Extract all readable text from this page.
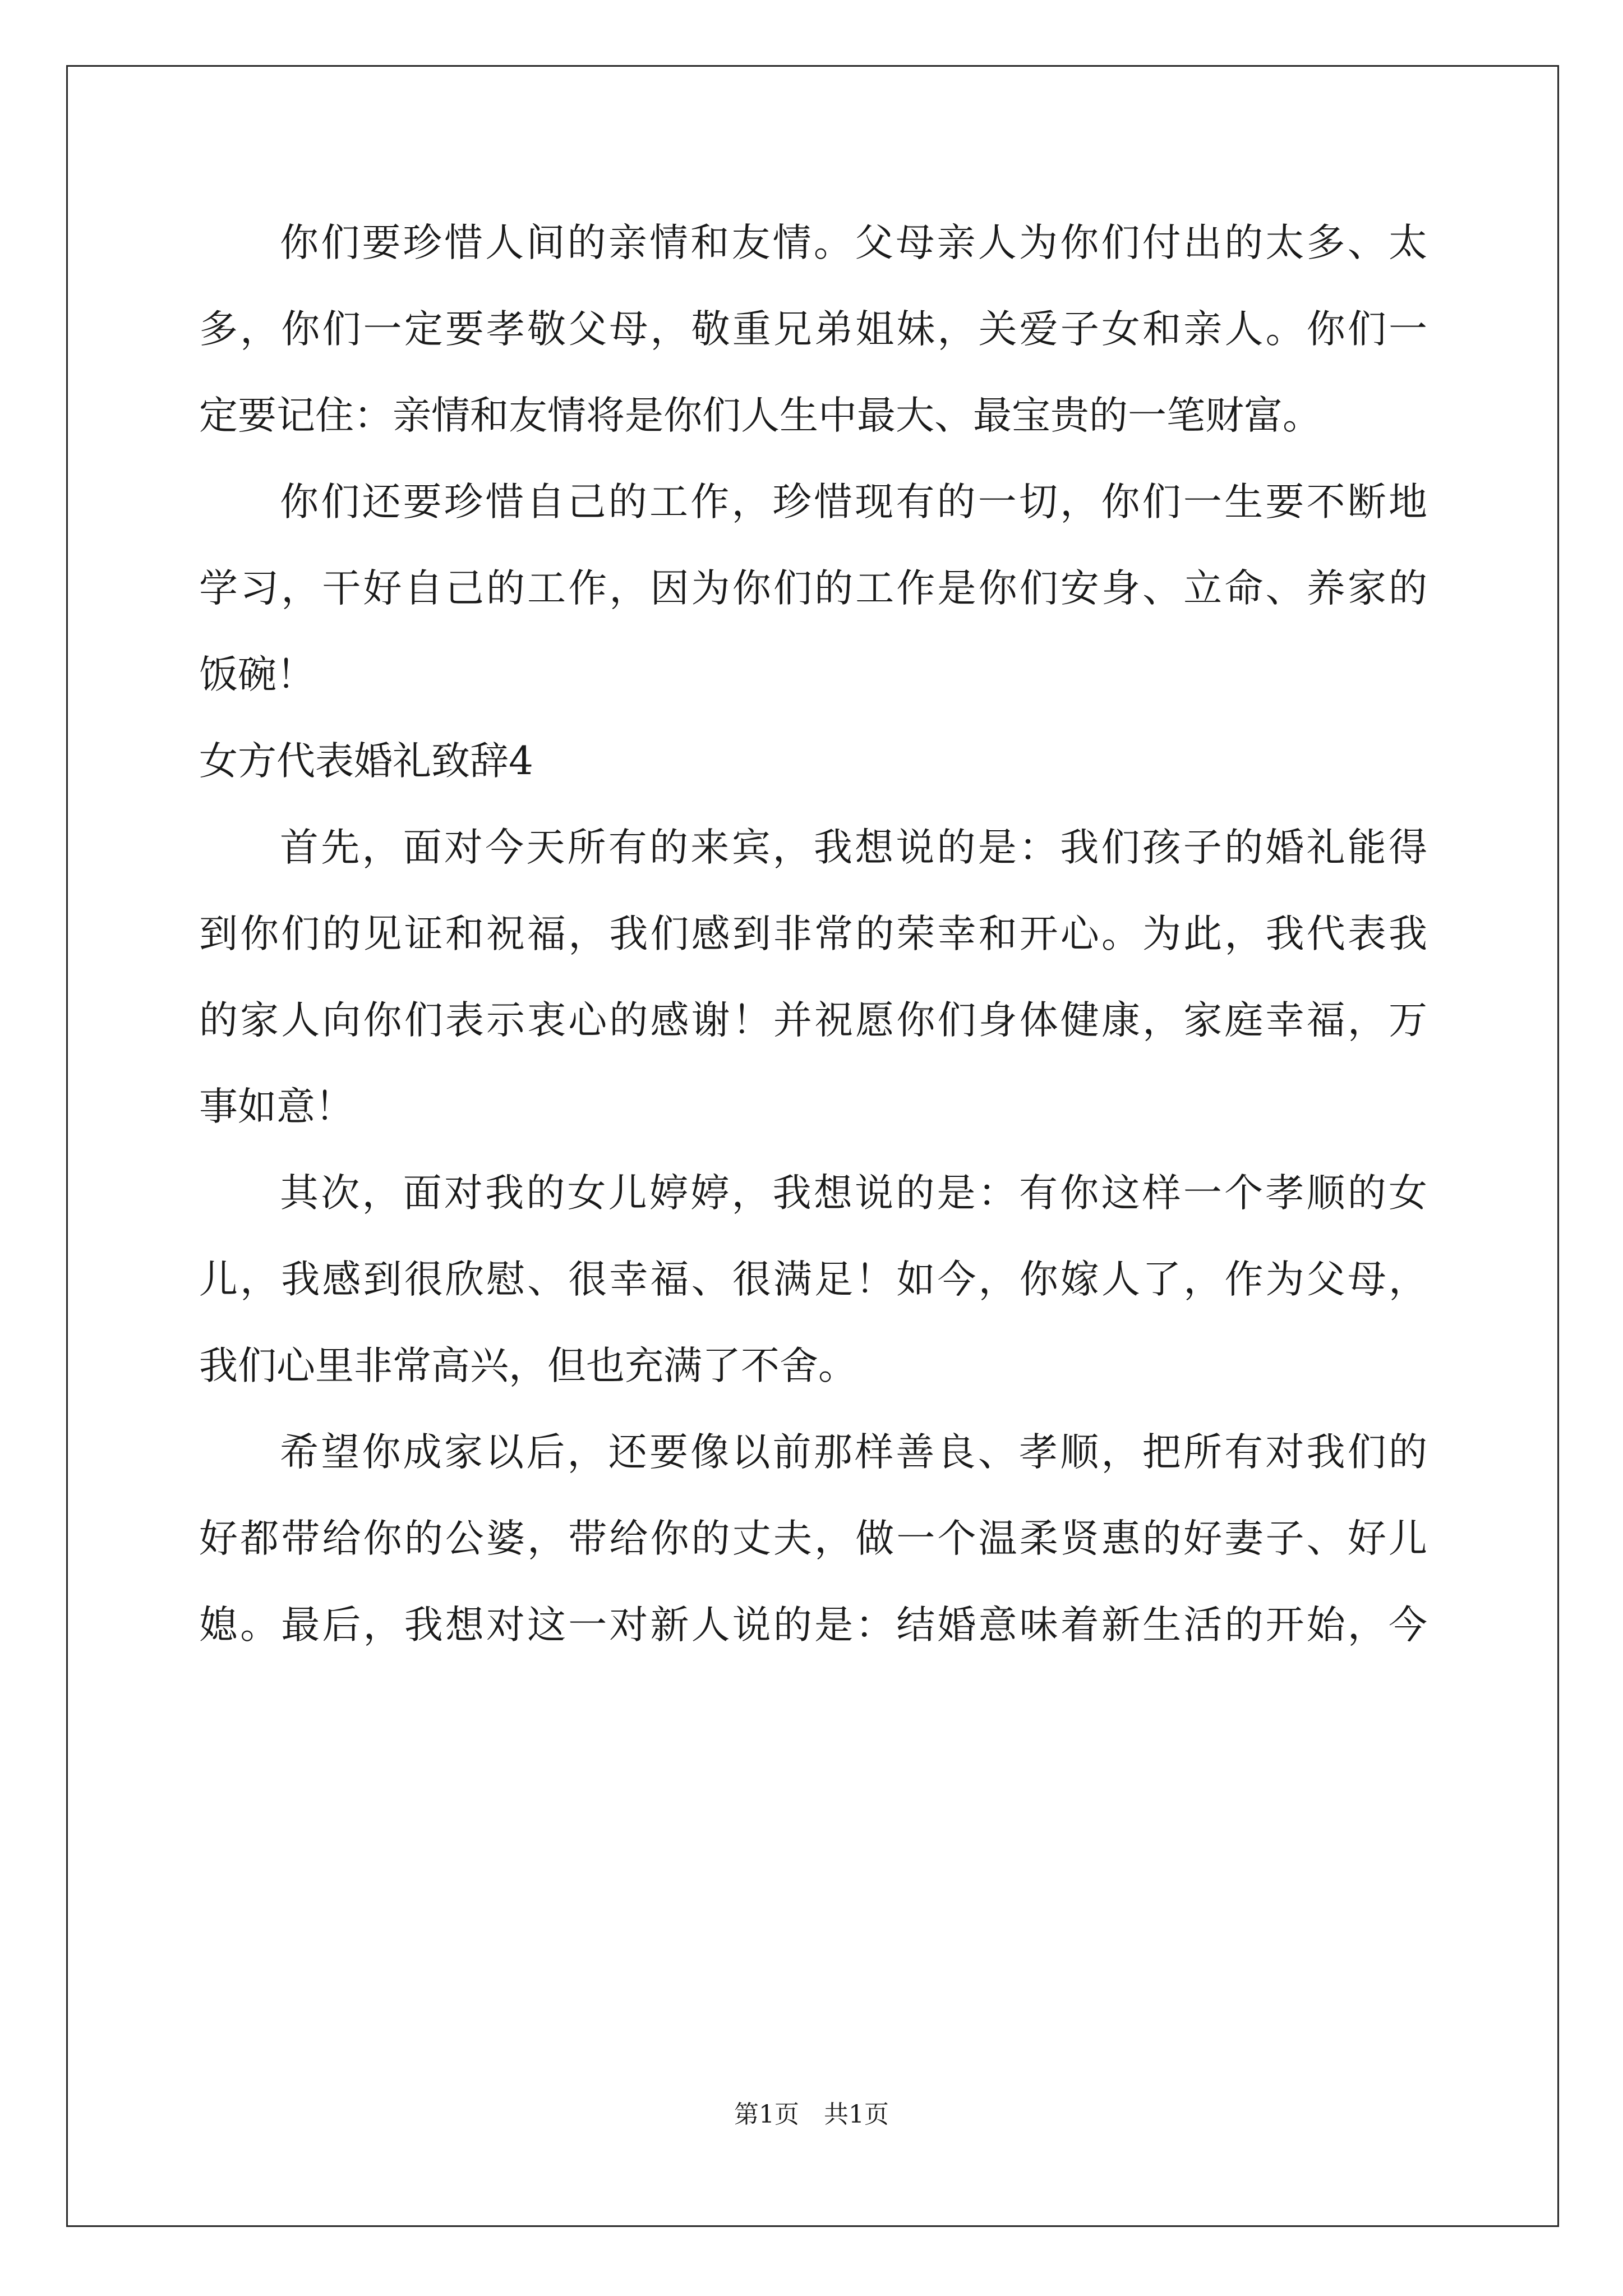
你们要珍惜人间的亲情和友情。父母亲人为你们付出的太多、太
多，你们一定要孝敬父母，敬重兄弟姐妹，关爱子女和亲人。你们一
定要记住：亲情和友情将是你们人生中最大、最宝贵的一笔财富。
你们还要珍惜自己的工作，珍惜现有的一切，你们一生要不断地
学习，干好自己的工作，因为你们的工作是你们安身、立命、养家的
饭碗！
女方代表婚礼致辞4
首先，面对今天所有的来宾，我想说的是：我们孩子的婚礼能得
到你们的见证和祝福，我们感到非常的荣幸和开心。为此，我代表我
的家人向你们表示衷心的感谢！并祝愿你们身体健康，家庭幸福，万
事如意！
其次，面对我的女儿婷婷，我想说的是：有你这样一个孝顺的女
儿，我感到很欣慰、很幸福、很满足！如今，你嫁人了，作为父母，
我们心里非常高兴，但也充满了不舍。
希望你成家以后，还要像以前那样善良、孝顺，把所有对我们的
好都带给你的公婆，带给你的丈夫，做一个温柔贤惠的好妻子、好儿
媳。最后，我想对这一对新人说的是：结婚意味着新生活的开始，今
第1页 共1页
